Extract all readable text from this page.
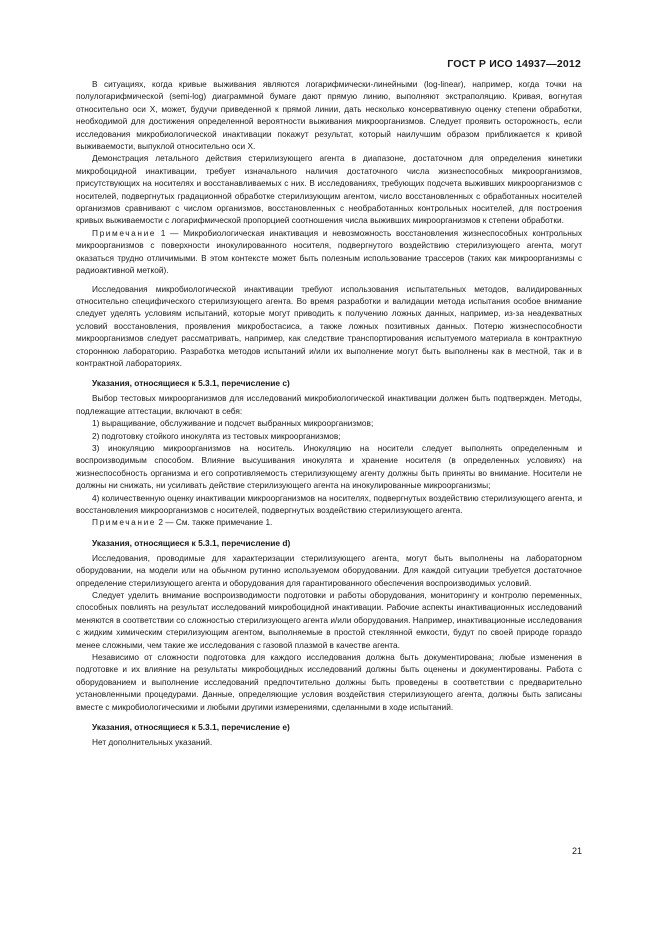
ГОСТ Р ИСО 14937—2012

В ситуациях, когда кривые выживания являются логарифмически-линейными (log-linear), например, когда точки на полулогарифмической (semi-log) диаграммной бумаге дают прямую линию, выполняют экстраполяцию. Кривая, вогнутая относительно оси X, может, будучи приведенной к прямой линии, дать несколько консервативную оценку степени обработки, необходимой для достижения определенной вероятности выживания микроорганизмов. Следует проявить осторожность, если исследования микробиологической инактивации покажут результат, который наилучшим образом приближается к кривой выживаемости, выпуклой относительно оси X.

Демонстрация летального действия стерилизующего агента в диапазоне, достаточном для определения кинетики микробоцидной инактивации, требует изначального наличия достаточного числа жизнеспособных микроорганизмов, присутствующих на носителях и восстанавливаемых с них. В исследованиях, требующих подсчета выживших микроорганизмов с носителей, подвергнутых градационной обработке стерилизующим агентом, число восстановленных с обработанных носителей организмов сравнивают с числом организмов, восстановленных с необработанных контрольных носителей, для построения кривых выживаемости с логарифмической пропорцией соотношения числа выживших микроорганизмов к степени обработки.

Примечание 1 — Микробиологическая инактивация и невозможность восстановления жизнеспособных контрольных микроорганизмов с поверхности инокулированного носителя, подвергнутого воздействию стерилизующего агента, могут оказаться трудно отличимыми. В этом контексте может быть полезным использование трассеров (таких как микроорганизмы с радиоактивной меткой).

Исследования микробиологической инактивации требуют использования испытательных методов, валидированных относительно специфического стерилизующего агента. Во время разработки и валидации метода испытания особое внимание следует уделять условиям испытаний, которые могут приводить к получению ложных данных, например, из-за неадекватных условий восстановления, проявления микробостасиса, а также ложных позитивных данных. Потерю жизнеспособности микроорганизмов следует рассматривать, например, как следствие транспортирования испытуемого материала в контрактную стороннюю лабораторию. Разработка методов испытаний и/или их выполнение могут быть выполнены как в местной, так и в контрактной лабораториях.

Указания, относящиеся к 5.3.1, перечисление c)

Выбор тестовых микроорганизмов для исследований микробиологической инактивации должен быть подтвержден. Методы, подлежащие аттестации, включают в себя:

1) выращивание, обслуживание и подсчет выбранных микроорганизмов;

2) подготовку стойкого инокулята из тестовых микроорганизмов;

3) инокуляцию микроорганизмов на носитель. Инокуляцию на носители следует выполнять определенным и воспроизводимым способом. Влияние высушивания инокулята и хранение носителя (в определенных условиях) на жизнеспособность организма и его сопротивляемость стерилизующему агенту должны быть приняты во внимание. Носители не должны ни снижать, ни усиливать действие стерилизующего агента на инокулированные микроорганизмы;

4) количественную оценку инактивации микроорганизмов на носителях, подвергнутых воздействию стерилизующего агента, и восстановления микроорганизмов с носителей, подвергнутых воздействию стерилизующего агента.

Примечание 2 — См. также примечание 1.

Указания, относящиеся к 5.3.1, перечисление d)

Исследования, проводимые для характеризации стерилизующего агента, могут быть выполнены на лабораторном оборудовании, на модели или на обычном рутинно используемом оборудовании. Для каждой ситуации требуется достаточное определение стерилизующего агента и оборудования для гарантированного обеспечения воспроизводимых условий.

Следует уделить внимание воспроизводимости подготовки и работы оборудования, мониторингу и контролю переменных, способных повлиять на результат исследований микробоцидной инактивации. Рабочие аспекты инактивационных исследований меняются в соответствии со сложностью стерилизующего агента и/или оборудования. Например, инактивационные исследования с жидким химическим стерилизующим агентом, выполняемые в простой стеклянной емкости, будут по своей природе гораздо менее сложными, чем такие же исследования с газовой плазмой в качестве агента.

Независимо от сложности подготовка для каждого исследования должна быть документирована; любые изменения в подготовке и их влияние на результаты микробоцидных исследований должны быть оценены и документированы. Работа с оборудованием и выполнение исследований предпочтительно должны быть проведены в соответствии с предварительно установленными процедурами. Данные, определяющие условия воздействия стерилизующего агента, должны быть записаны вместе с микробиологическими и любыми другими измерениями, сделанными в ходе испытаний.

Указания, относящиеся к 5.3.1, перечисление e)

Нет дополнительных указаний.

21
